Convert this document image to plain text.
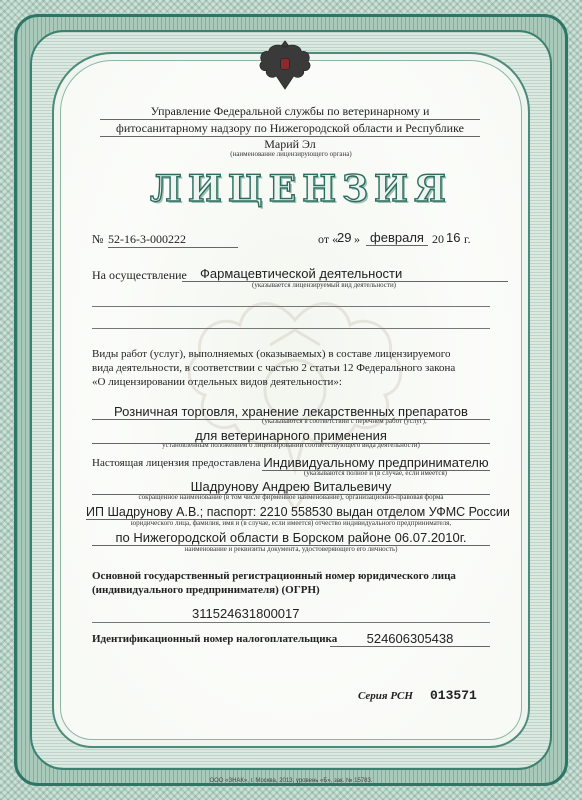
Управление Федеральной службы по ветеринарному и
фитосанитарному надзору по Нижегородской области и Республике
Марий Эл
(наименование лицензирующего органа)
ЛИЦЕНЗИЯ
№ 52-16-3-000222	от «
29 » февраля 20 16 г.
На осуществление	Фармацевтической деятельности
(указывается лицензируемый вид деятельности)
Виды работ (услуг), выполняемых (оказываемых) в составе лицензируемого
вида деятельности, в соответствии с частью 2 статьи 12 Федерального закона
«О лицензировании отдельных видов деятельности»:
Розничная торговля, хранение лекарственных препаратов
(указываются в соответствии с перечнем работ (услуг),
для ветеринарного применения
установленным положением о лицензировании соответствующего вида деятельности)
Настоящая лицензия предоставлена Индивидуальному предпринимателю
(указываются полное и (в случае, если имеется)
Шадрунову Андрею Витальевичу
сокращенное наименование (в том числе фирменное наименование), организационно-правовая форма
ИП Шадрунову А.В.; паспорт: 2210 558530 выдан отделом УФМС России
юридического лица, фамилия, имя и (в случае, если имеется) отчество индивидуального предпринимателя,
по Нижегородской области в Борском районе 06.07.2010г.
наименование и реквизиты документа, удостоверяющего его личность)
Основной государственный регистрационный номер юридического лица
(индивидуального предпринимателя) (ОГРН)
311524631800017
Идентификационный номер налогоплательщика	524606305438
Серия РСН 013571
ООО «ЗНАК», г. Москва, 2013, уровень «Б», зак. № 15783.
